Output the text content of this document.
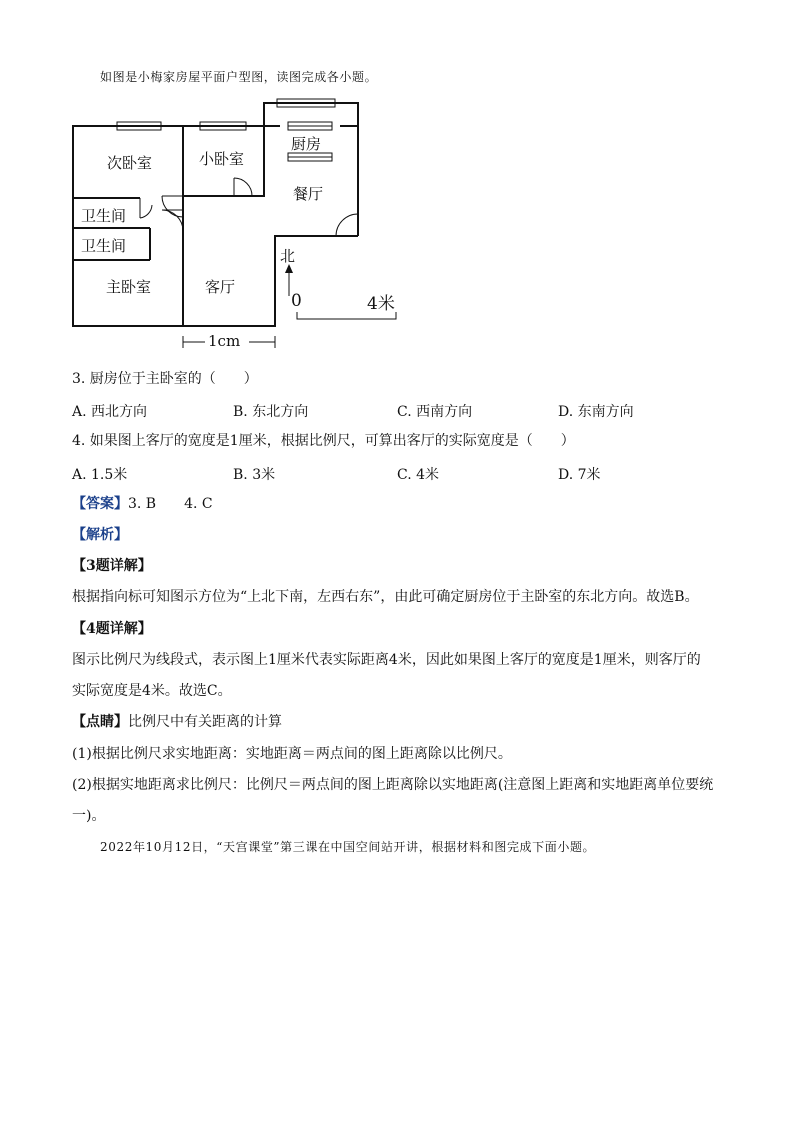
如图是小梅家房屋平面户型图，读图完成各小题。
次卧室	小卧室
厨房
餐厅
卫生间
卫生间
主卧室	客厅
北
0	4米
1cm
3. 厨房位于主卧室的（　　）
A. 西北方向	B. 东北方向	C. 西南方向	D. 东南方向
4. 如果图上客厅的宽度是1厘米，根据比例尺，可算出客厅的实际宽度是（　　）
A. 1.5米	B. 3米	C. 4米	D. 7米
【答案】3. B　　4. C
【解析】
【3题详解】
根据指向标可知图示方位为“上北下南，左西右东”，由此可确定厨房位于主卧室的东北方向。故选B。
【4题详解】
图示比例尺为线段式，表示图上1厘米代表实际距离4米，因此如果图上客厅的宽度是1厘米，则客厅的
实际宽度是4米。故选C。
【点睛】比例尺中有关距离的计算
(1)根据比例尺求实地距离：实地距离＝两点间的图上距离除以比例尺。
(2)根据实地距离求比例尺：比例尺＝两点间的图上距离除以实地距离(注意图上距离和实地距离单位要统
一)。
2022年10月12日，“天宫课堂”第三课在中国空间站开讲，根据材料和图完成下面小题。
